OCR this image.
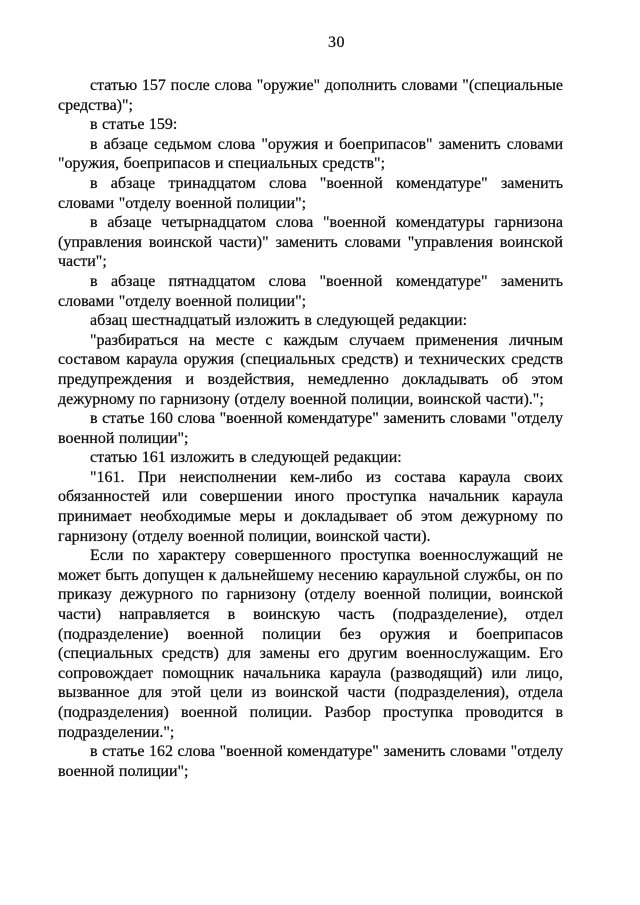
30

статью 157 после слова "оружие" дополнить словами "(специальные средства)";

в статье 159:

в абзаце седьмом слова "оружия и боеприпасов" заменить словами "оружия, боеприпасов и специальных средств";

в абзаце тринадцатом слова "военной комендатуре" заменить словами "отделу военной полиции";

в абзаце четырнадцатом слова "военной комендатуры гарнизона (управления воинской части)" заменить словами "управления воинской части";

в абзаце пятнадцатом слова "военной комендатуре" заменить словами "отделу военной полиции";

абзац шестнадцатый изложить в следующей редакции:

"разбираться на месте с каждым случаем применения личным составом караула оружия (специальных средств) и технических средств предупреждения и воздействия, немедленно докладывать об этом дежурному по гарнизону (отделу военной полиции, воинской части).";

в статье 160 слова "военной комендатуре" заменить словами "отделу военной полиции";

статью 161 изложить в следующей редакции:

"161. При неисполнении кем-либо из состава караула своих обязанностей или совершении иного проступка начальник караула принимает необходимые меры и докладывает об этом дежурному по гарнизону (отделу военной полиции, воинской части).

Если по характеру совершенного проступка военнослужащий не может быть допущен к дальнейшему несению караульной службы, он по приказу дежурного по гарнизону (отделу военной полиции, воинской части) направляется в воинскую часть (подразделение), отдел (подразделение) военной полиции без оружия и боеприпасов (специальных средств) для замены его другим военнослужащим. Его сопровождает помощник начальника караула (разводящий) или лицо, вызванное для этой цели из воинской части (подразделения), отдела (подразделения) военной полиции. Разбор проступка проводится в подразделении.";

в статье 162 слова "военной комендатуре" заменить словами "отделу военной полиции";
